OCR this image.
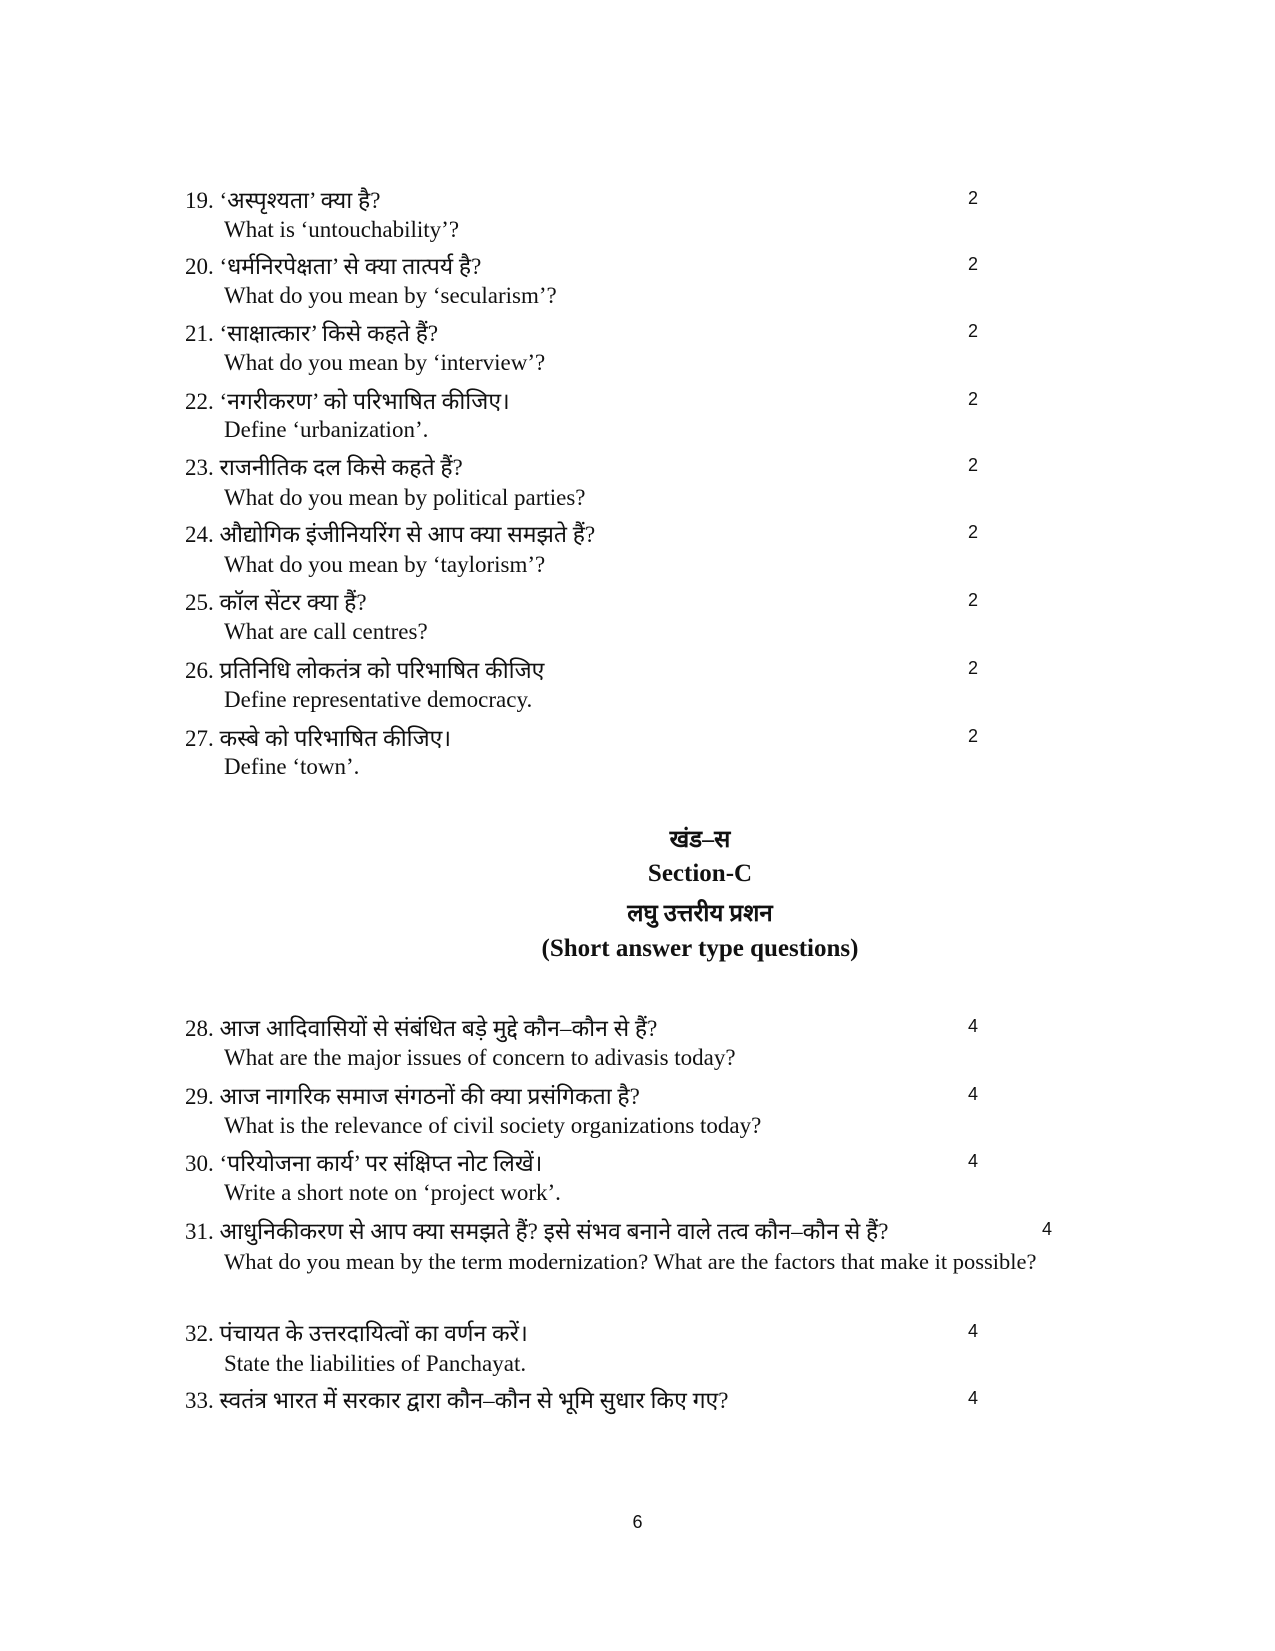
19. ‘अस्पृश्यता’ क्या है?	2
What is ‘untouchability’?
20. ‘धर्मनिरपेक्षता’ से क्या तात्पर्य है?	2
What do you mean by ‘secularism’?
21. ‘साक्षात्कार’ किसे कहते हैं?	2
What do you mean by ‘interview’?
22. ‘नगरीकरण’ को परिभाषित कीजिए।	2
Define ‘urbanization’.
23. राजनीतिक दल किसे कहते हैं?	2
What do you mean by political parties?
24. औद्योगिक इंजीनियरिंग से आप क्या समझते हैं?	2
What do you mean by ‘taylorism’?
25. कॉल सेंटर क्या हैं?	2
What are call centres?
26. प्रतिनिधि लोकतंत्र को परिभाषित कीजिए	2
Define representative democracy.
27. कस्बे को परिभाषित कीजिए।	2
Define ‘town’.
खंड–स
Section-C
लघु उत्तरीय प्रशन
(Short answer type questions)
28. आज आदिवासियों से संबंधित बड़े मुद्दे कौन–कौन से हैं?	4
What are the major issues of concern to adivasis today?
29. आज नागरिक समाज संगठनों की क्या प्रसंगिकता है?	4
What is the relevance of civil society organizations today?
30. ‘परियोजना कार्य’ पर संक्षिप्त नोट लिखें।	4
Write a short note on ‘project work’.
31. आधुनिकीकरण से आप क्या समझते हैं? इसे संभव बनाने वाले तत्व कौन–कौन से हैं?	4
What do you mean by the term modernization? What are the factors that make it possible?
32. पंचायत के उत्तरदायित्वों का वर्णन करें।	4
State the liabilities of Panchayat.
33. स्वतंत्र भारत में सरकार द्वारा कौन–कौन से भूमि सुधार किए गए?	4
6
